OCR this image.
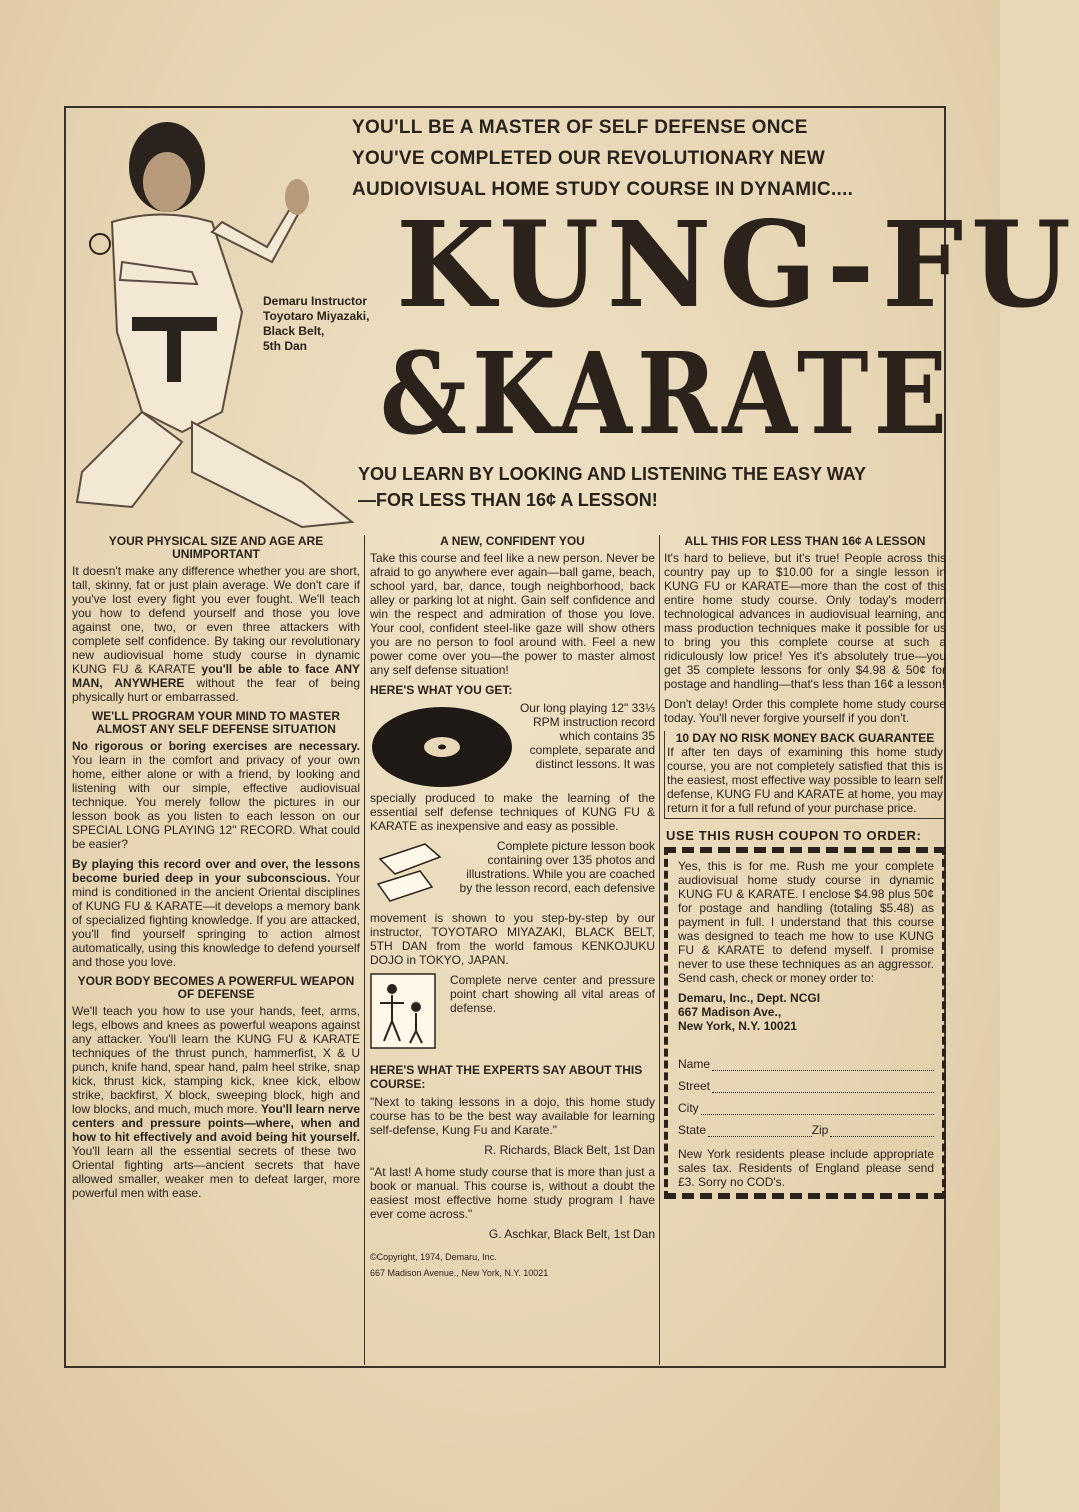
YOU'LL BE A MASTER OF SELF DEFENSE ONCE
YOU'VE COMPLETED OUR REVOLUTIONARY NEW
AUDIOVISUAL HOME STUDY COURSE IN DYNAMIC....
Demaru Instructor
Toyotaro Miyazaki,
Black Belt,
5th Dan
KUNG-FU
&KARATE
YOU LEARN BY LOOKING AND LISTENING THE EASY WAY
—FOR LESS THAN 16¢ A LESSON!
YOUR PHYSICAL SIZE AND AGE ARE UNIMPORTANT

It doesn't make any difference whether you are short, tall, skinny, fat or just plain average. We don't care if you've lost every fight you ever fought. We'll teach you how to defend yourself and those you love against one, two, or even three attackers with complete self confidence. By taking our revolutionary new audiovisual home study course in dynamic KUNG FU & KARATE you'll be able to face ANY MAN, ANYWHERE without the fear of being physically hurt or embarrassed.

WE'LL PROGRAM YOUR MIND TO MASTER ALMOST ANY SELF DEFENSE SITUATION

No rigorous or boring exercises are necessary. You learn in the comfort and privacy of your own home, either alone or with a friend, by looking and listening with our simple, effective audiovisual technique. You merely follow the pictures in our lesson book as you listen to each lesson on our SPECIAL LONG PLAYING 12" RECORD. What could be easier?

By playing this record over and over, the lessons become buried deep in your subconscious. Your mind is conditioned in the ancient Oriental disciplines of KUNG FU & KARATE—it develops a memory bank of specialized fighting knowledge. If you are attacked, you'll find yourself springing to action almost automatically, using this knowledge to defend yourself and those you love.

YOUR BODY BECOMES A POWERFUL WEAPON OF DEFENSE

We'll teach you how to use your hands, feet, arms, legs, elbows and knees as powerful weapons against any attacker. You'll learn the KUNG FU & KARATE techniques of the thrust punch, hammerfist, X & U punch, knife hand, spear hand, palm heel strike, snap kick, thrust kick, stamping kick, knee kick, elbow strike, backfirst, X block, sweeping block, high and low blocks, and much, much more. You'll learn nerve centers and pressure points—where, when and how to hit effectively and avoid being hit yourself. You'll learn all the essential secrets of these two Oriental fighting arts—ancient secrets that have allowed smaller, weaker men to defeat larger, more powerful men with ease.

A NEW, CONFIDENT YOU

Take this course and feel like a new person. Never be afraid to go anywhere ever again—ball game, beach, school yard, bar, dance, tough neighborhood, back alley or parking lot at night. Gain self confidence and win the respect and admiration of those you love. Your cool, confident steel-like gaze will show others you are no person to fool around with. Feel a new power come over you—the power to master almost any self defense situation!

HERE'S WHAT YOU GET:
Our long playing 12" 33⅓ RPM instruction record which contains 35 complete, separate and distinct lessons. It was

specially produced to make the learning of the essential self defense techniques of KUNG FU & KARATE as inexpensive and easy as possible.

Complete picture lesson book containing over 135 photos and illustrations. While you are coached by the lesson record, each defensive

movement is shown to you step-by-step by our instructor, TOYOTARO MIYAZAKI, BLACK BELT, 5TH DAN from the world famous KENKOJUKU DOJO in TOKYO, JAPAN.

Complete nerve center and pressure point chart showing all vital areas of defense.
HERE'S WHAT THE EXPERTS SAY ABOUT THIS COURSE:

"Next to taking lessons in a dojo, this home study course has to be the best way available for learning self-defense, Kung Fu and Karate."

R. Richards, Black Belt, 1st Dan

"At last! A home study course that is more than just a book or manual. This course is, without a doubt the easiest most effective home study program I have ever come across."

G. Aschkar, Black Belt, 1st Dan
©Copyright, 1974, Demaru, Inc.
667 Madison Avenue., New York, N.Y. 10021
ALL THIS FOR LESS THAN 16¢ A LESSON

It's hard to believe, but it's true! People across this country pay up to $10.00 for a single lesson in KUNG FU or KARATE—more than the cost of this entire home study course. Only today's modern technological advances in audiovisual learning, and mass production techniques make it possible for us to bring you this complete course at such a ridiculously low price! Yes it's absolutely true—you get 35 complete lessons for only $4.98 & 50¢ for postage and handling—that's less than 16¢ a lesson!

Don't delay! Order this complete home study course today. You'll never forgive yourself if you don't.

10 DAY NO RISK MONEY BACK GUARANTEE
If after ten days of examining this home study course, you are not completely satisfied that this is the easiest, most effective way possible to learn self defense, KUNG FU and KARATE at home, you may return it for a full refund of your purchase price.
USE THIS RUSH COUPON TO ORDER:

Yes, this is for me. Rush me your complete audiovisual home study course in dynamic KUNG FU & KARATE. I enclose $4.98 plus 50¢ for postage and handling (totaling $5.48) as payment in full. I understand that this course was designed to teach me how to use KUNG FU & KARATE to defend myself. I promise never to use these techniques as an aggressor. Send cash, check or money order to:

Demaru, Inc., Dept. NCGI
667 Madison Ave.,
New York, N.Y. 10021
Name
Street
City
State	Zip

New York residents please include appropriate sales tax. Residents of England please send £3. Sorry no COD's.
